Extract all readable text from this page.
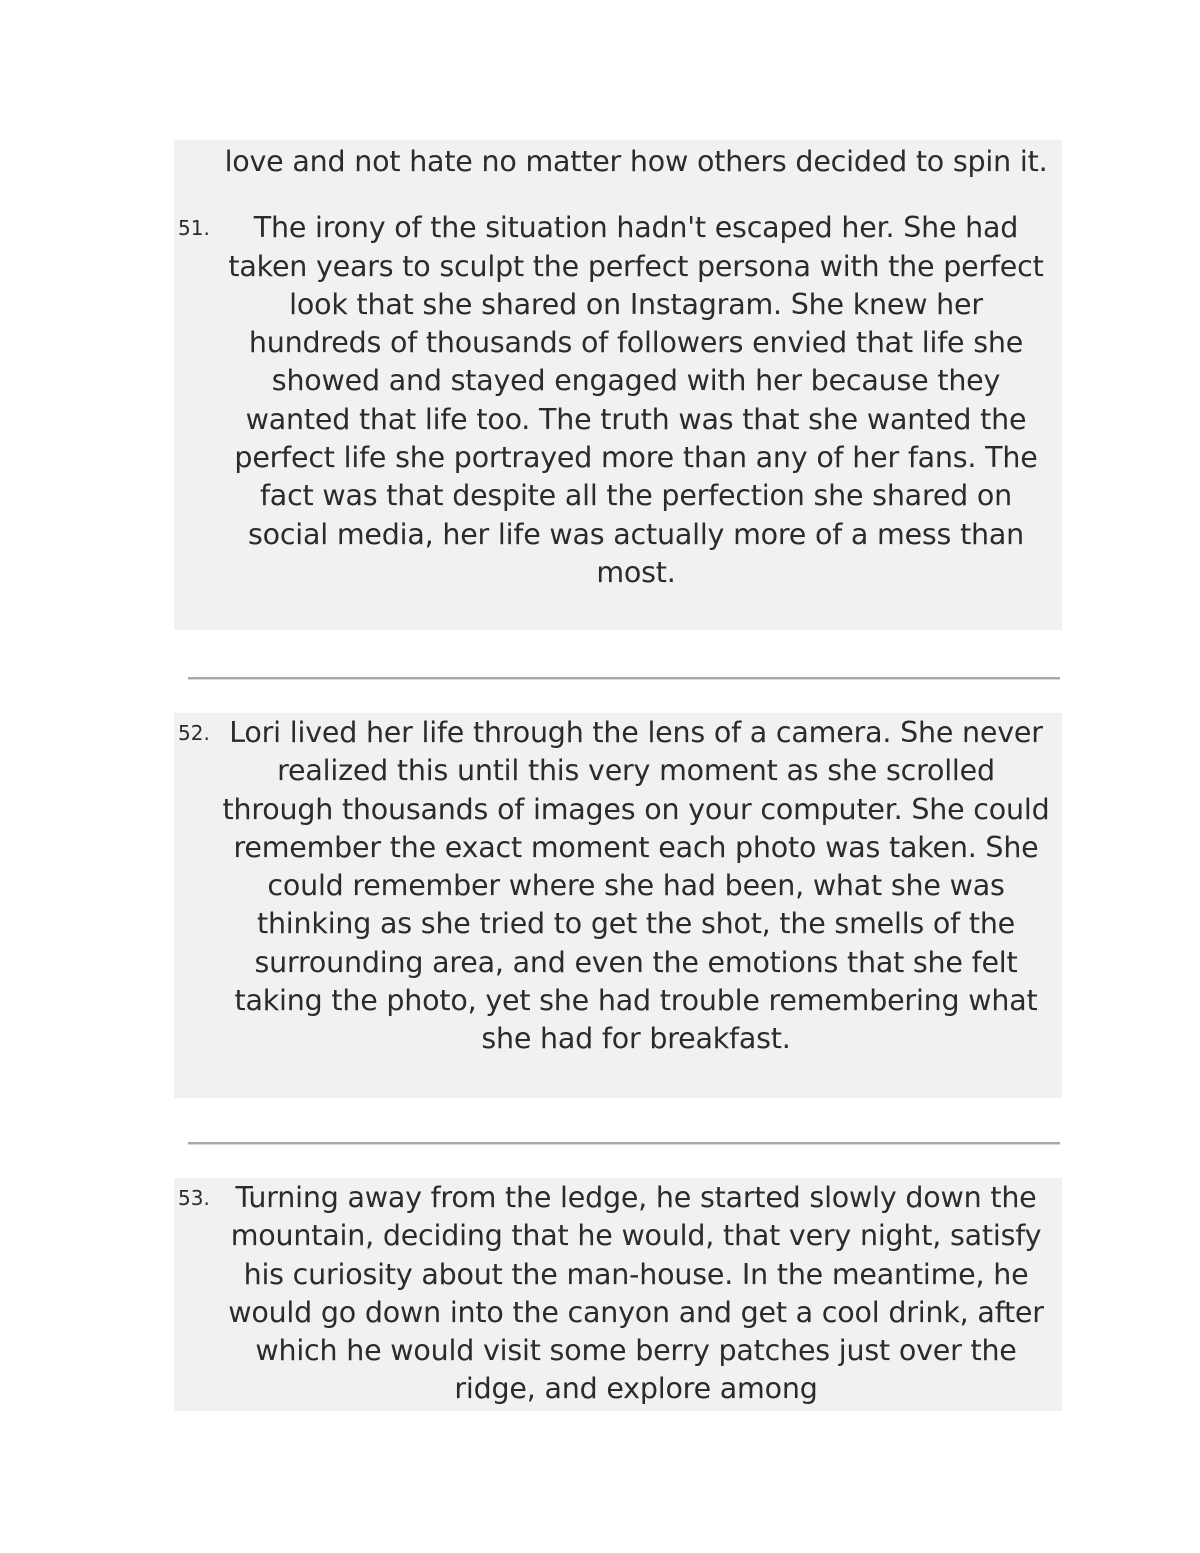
love and not hate no matter how others decided to spin it.

51. The irony of the situation hadn't escaped her. She had taken years to sculpt the perfect persona with the perfect look that she shared on Instagram. She knew her hundreds of thousands of followers envied that life she showed and stayed engaged with her because they wanted that life too. The truth was that she wanted the perfect life she portrayed more than any of her fans. The fact was that despite all the perfection she shared on social media, her life was actually more of a mess than most.

52. Lori lived her life through the lens of a camera. She never realized this until this very moment as she scrolled through thousands of images on your computer. She could remember the exact moment each photo was taken. She could remember where she had been, what she was thinking as she tried to get the shot, the smells of the surrounding area, and even the emotions that she felt taking the photo, yet she had trouble remembering what she had for breakfast.

53. Turning away from the ledge, he started slowly down the mountain, deciding that he would, that very night, satisfy his curiosity about the man-house. In the meantime, he would go down into the canyon and get a cool drink, after which he would visit some berry patches just over the ridge, and explore among
